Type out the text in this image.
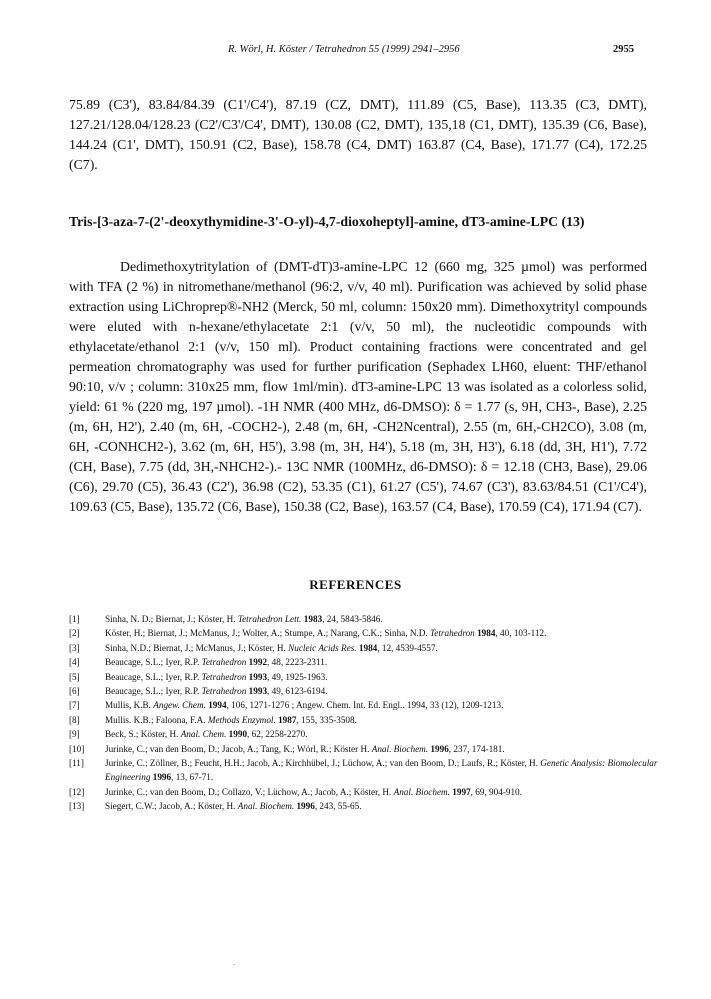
R. Wörl, H. Köster / Tetrahedron 55 (1999) 2941–2956	2955
75.89 (C3'), 83.84/84.39 (C1'/C4'), 87.19 (CZ, DMT), 111.89 (C5, Base), 113.35 (C3, DMT), 127.21/128.04/128.23 (C2'/C3'/C4', DMT), 130.08 (C2, DMT), 135,18 (C1, DMT), 135.39 (C6, Base), 144.24 (C1', DMT), 150.91 (C2, Base), 158.78 (C4, DMT) 163.87 (C4, Base), 171.77 (C4), 172.25 (C7).
Tris-[3-aza-7-(2'-deoxythymidine-3'-O-yl)-4,7-dioxoheptyl]-amine, dT3-amine-LPC (13)
Dedimethoxytritylation of (DMT-dT)3-amine-LPC 12 (660 mg, 325 µmol) was performed with TFA (2 %) in nitromethane/methanol (96:2, v/v, 40 ml). Purification was achieved by solid phase extraction using LiChroprep®-NH2 (Merck, 50 ml, column: 150x20 mm). Dimethoxytrityl compounds were eluted with n-hexane/ethylacetate 2:1 (v/v, 50 ml), the nucleotidic compounds with ethylacetate/ethanol 2:1 (v/v, 150 ml). Product containing fractions were concentrated and gel permeation chromatography was used for further purification (Sephadex LH60, eluent: THF/ethanol 90:10, v/v ; column: 310x25 mm, flow 1ml/min). dT3-amine-LPC 13 was isolated as a colorless solid, yield: 61 % (220 mg, 197 µmol). -1H NMR (400 MHz, d6-DMSO): δ = 1.77 (s, 9H, CH3-, Base), 2.25 (m, 6H, H2'), 2.40 (m, 6H, -COCH2-), 2.48 (m, 6H, -CH2Ncentral), 2.55 (m, 6H,-CH2CO), 3.08 (m, 6H, -CONHCH2-), 3.62 (m, 6H, H5'), 3.98 (m, 3H, H4'), 5.18 (m, 3H, H3'), 6.18 (dd, 3H, H1'), 7.72 (CH, Base), 7.75 (dd, 3H,-NHCH2-).- 13C NMR (100MHz, d6-DMSO): δ = 12.18 (CH3, Base), 29.06 (C6), 29.70 (C5), 36.43 (C2'), 36.98 (C2), 53.35 (C1), 61.27 (C5'), 74.67 (C3'), 83.63/84.51 (C1'/C4'), 109.63 (C5, Base), 135.72 (C6, Base), 150.38 (C2, Base), 163.57 (C4, Base), 170.59 (C4), 171.94 (C7).
REFERENCES
[1]	Sinha, N. D.; Biernat, J.; Köster, H. Tetrahedron Lett. 1983, 24, 5843-5846.
[2]	Köster, H.; Biernat, J.; McManus, J.; Wolter, A.; Stumpe, A.; Narang, C.K.; Sinha, N.D. Tetrahedron 1984, 40, 103-112.
[3]	Sinha, N.D.; Biernat, J.; McManus, J.; Köster, H. Nucleic Acids Res. 1984, 12, 4539-4557.
[4]	Beaucage, S.L.; Iyer, R.P. Tetrahedron 1992, 48, 2223-2311.
[5]	Beaucage, S.L.; Iyer, R.P. Tetrahedron 1993, 49, 1925-1963.
[6]	Beaucage, S.L.; Iyer, R.P. Tetrahedron 1993, 49, 6123-6194.
[7]	Mullis, K.B. Angew. Chem. 1994, 106, 1271-1276 ; Angew. Chem. Int. Ed. Engl.. 1994, 33 (12), 1209-1213.
[8]	Mullis. K.B.; Faloona, F.A. Methods Enzymol. 1987, 155, 335-3508.
[9]	Beck, S.; Köster, H. Anal. Chem. 1990, 62, 2258-2270.
[10]	Jurinke, C.; van den Boom, D.; Jacob, A.; Tang, K.; Wörl, R.; Köster H. Anal. Biochem. 1996, 237, 174-181.
[11]	Jurinke, C.; Zöllner, B.; Feucht, H.H.; Jacob, A.; Kirchhübel, J.; Lüchow, A.; van den Boom, D.; Laufs, R.; Köster, H. Genetic Analysis: Biomolecular Engineering 1996, 13, 67-71.
[12]	Jurinke, C.; van den Boom, D.; Collazo, V.; Lüchow, A.; Jacob, A.; Köster, H. Anal. Biochem. 1997, 69, 904-910.
[13]	Siegert, C.W.; Jacob, A.; Köster, H. Anal. Biochem. 1996, 243, 55-65.
